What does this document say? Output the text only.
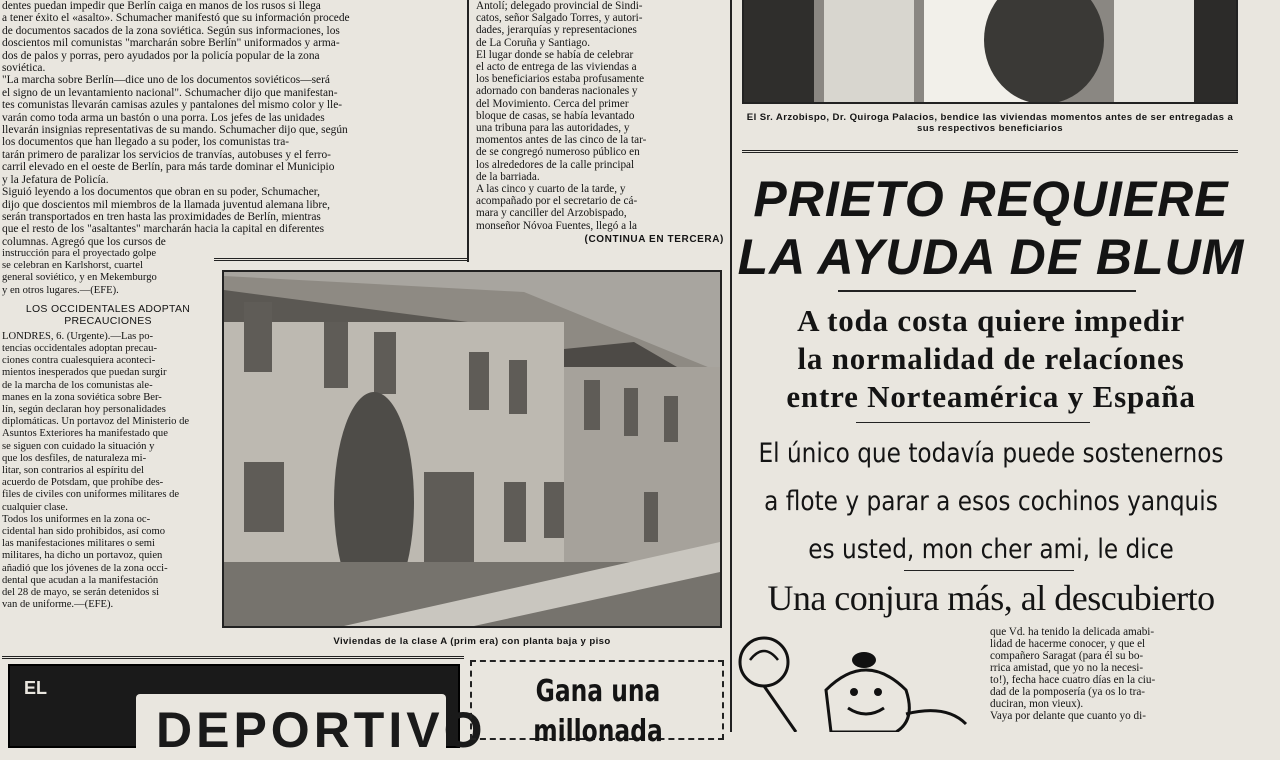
dentes puedan impedir que Berlín caiga en manos de los rusos si llega

a tener éxito el «asalto». Schumacher manifestó que su información procede

de documentos sacados de la zona soviética. Según sus informaciones, los

doscientos mil comunistas "marcharán sobre Berlín" uniformados y arma-

dos de palos y porras, pero ayudados por la policía popular de la zona

soviética.

"La marcha sobre Berlín—dice uno de los documentos soviéticos—será

el signo de un levantamiento nacional". Schumacher dijo que manifestan-

tes comunistas llevarán camisas azules y pantalones del mismo color y lle-

varán como toda arma un bastón o una porra. Los jefes de las unidades

llevarán insignias representativas de su mando. Schumacher dijo que, según

los documentos que han llegado a su poder, los comunistas tra-

tarán primero de paralizar los servicios de tranvías, autobuses y el ferro-

carril elevado en el oeste de Berlín, para más tarde dominar el Municipio

y la Jefatura de Policía.

Siguió leyendo a los documentos que obran en su poder, Schumacher,

dijo que doscientos mil miembros de la llamada juventud alemana libre,

serán transportados en tren hasta las proximidades de Berlín, mientras

que el resto de los "asaltantes" marcharán hacia la capital en diferentes

columnas. Agregó que los cursos de

instrucción para el proyectado golpe

se celebran en Karlshorst, cuartel

general soviético, y en Mekemburgo

y en otros lugares.—(EFE).

LOS OCCIDENTALES ADOPTAN PRECAUCIONES

LONDRES, 6. (Urgente).—Las po-

tencias occidentales adoptan precau-

ciones contra cualesquiera aconteci-

mientos inesperados que puedan surgir

de la marcha de los comunistas ale-

manes en la zona soviética sobre Ber-

lín, según declaran hoy personalidades

diplomáticas. Un portavoz del Ministerio de

Asuntos Exteriores ha manifestado que

se siguen con cuidado la situación y

que los desfiles, de naturaleza mi-

litar, son contrarios al espíritu del

acuerdo de Potsdam, que prohíbe des-

files de civiles con uniformes militares de

cualquier clase.

Todos los uniformes en la zona oc-

cidental han sido prohibidos, así como

las manifestaciones militares o semi

militares, ha dicho un portavoz, quien

añadió que los jóvenes de la zona occi-

dental que acudan a la manifestación

del 28 de mayo, se serán detenidos si

van de uniforme.—(EFE).

Antolí; delegado provincial de Sindi-

catos, señor Salgado Torres, y autori-

dades, jerarquías y representaciones

de La Coruña y Santiago.

El lugar donde se había de celebrar

el acto de entrega de las viviendas a

los beneficiarios estaba profusamente

adornado con banderas nacionales y

del Movimiento. Cerca del primer

bloque de casas, se había levantado

una tribuna para las autoridades, y

momentos antes de las cinco de la tar-

de se congregó numeroso público en

los alrededores de la calle principal

de la barriada.

A las cinco y cuarto de la tarde, y

acompañado por el secretario de cá-

mara y canciller del Arzobispado,

monseñor Nóvoa Fuentes, llegó a la

(CONTINUA EN TERCERA)
Viviendas de la clase A (prim era) con planta baja y piso
El Sr. Arzobispo, Dr. Quiroga Palacios, bendice las viviendas momentos antes de ser entregadas a sus respectivos beneficiarios
PRIETO REQUIERE
LA AYUDA DE BLUM
A toda costa quiere impedir
la normalidad de relacíones
entre Norteamérica y España
El único que todavía puede sostenernos
a flote y parar a esos cochinos yanquis
es usted, mon cher ami, le dice
Una conjura más, al descubierto

que Vd. ha tenido la delicada amabi-

lidad de hacerme conocer, y que el

compañero Saragat (para él su bo-

rrica amistad, que yo no la necesi-

to!), fecha hace cuatro días en la ciu-

dad de la pomposería (ya os lo tra-

duciran, mon vieux).

Vaya por delante que cuanto yo di-

EL
DEPORTIVO
Gana una millonada
